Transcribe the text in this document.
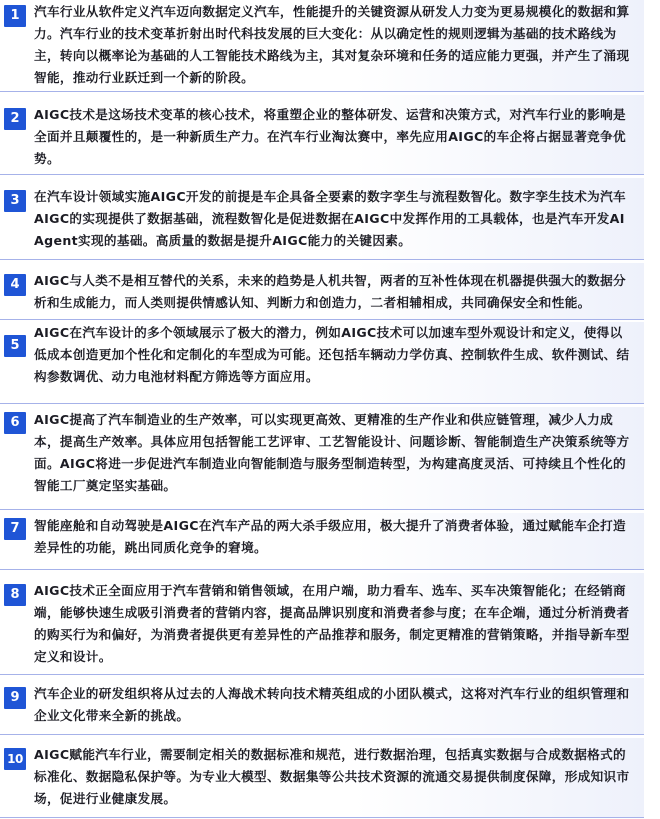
1	汽车行业从软件定义汽车迈向数据定义汽车，性能提升的关键资源从研发人力变为更易规模化的数据和算力。汽车行业的技术变革折射出时代科技发展的巨大变化：从以确定性的规则逻辑为基础的技术路线为主，转向以概率论为基础的人工智能技术路线为主，其对复杂环境和任务的适应能力更强，并产生了涌现智能，推动行业跃迁到一个新的阶段。

2	AIGC技术是这场技术变革的核心技术，将重塑企业的整体研发、运营和决策方式，对汽车行业的影响是全面并且颠覆性的，是一种新质生产力。在汽车行业淘汰赛中，率先应用AIGC的车企将占据显著竞争优势。

3	在汽车设计领域实施AIGC开发的前提是车企具备全要素的数字孪生与流程数智化。数字孪生技术为汽车AIGC的实现提供了数据基础，流程数智化是促进数据在AIGC中发挥作用的工具载体，也是汽车开发AI Agent实现的基础。高质量的数据是提升AIGC能力的关键因素。

4	AIGC与人类不是相互替代的关系，未来的趋势是人机共智，两者的互补性体现在机器提供强大的数据分析和生成能力，而人类则提供情感认知、判断力和创造力，二者相辅相成，共同确保安全和性能。

5

AIGC在汽车设计的多个领域展示了极大的潜力，例如AIGC技术可以加速车型外观设计和定义，使得以低成本创造更加个性化和定制化的车型成为可能。还包括车辆动力学仿真、控制软件生成、软件测试、结构参数调优、动力电池材料配方筛选等方面应用。

6	AIGC提高了汽车制造业的生产效率，可以实现更高效、更精准的生产作业和供应链管理，减少人力成本，提高生产效率。具体应用包括智能工艺评审、工艺智能设计、问题诊断、智能制造生产决策系统等方面。AIGC将进一步促进汽车制造业向智能制造与服务型制造转型，为构建高度灵活、可持续且个性化的智能工厂奠定坚实基础。

7	智能座舱和自动驾驶是AIGC在汽车产品的两大杀手级应用，极大提升了消费者体验，通过赋能车企打造差异性的功能，跳出同质化竞争的窘境。

8	AIGC技术正全面应用于汽车营销和销售领域，在用户端，助力看车、选车、买车决策智能化；在经销商端，能够快速生成吸引消费者的营销内容，提高品牌识别度和消费者参与度；在车企端，通过分析消费者的购买行为和偏好，为消费者提供更有差异性的产品推荐和服务，制定更精准的营销策略，并指导新车型定义和设计。

9	汽车企业的研发组织将从过去的人海战术转向技术精英组成的小团队模式，这将对汽车行业的组织管理和企业文化带来全新的挑战。

10 AIGC赋能汽车行业，需要制定相关的数据标准和规范，进行数据治理，包括真实数据与合成数据格式的标准化、数据隐私保护等。为专业大模型、数据集等公共技术资源的流通交易提供制度保障，形成知识市场，促进行业健康发展。
